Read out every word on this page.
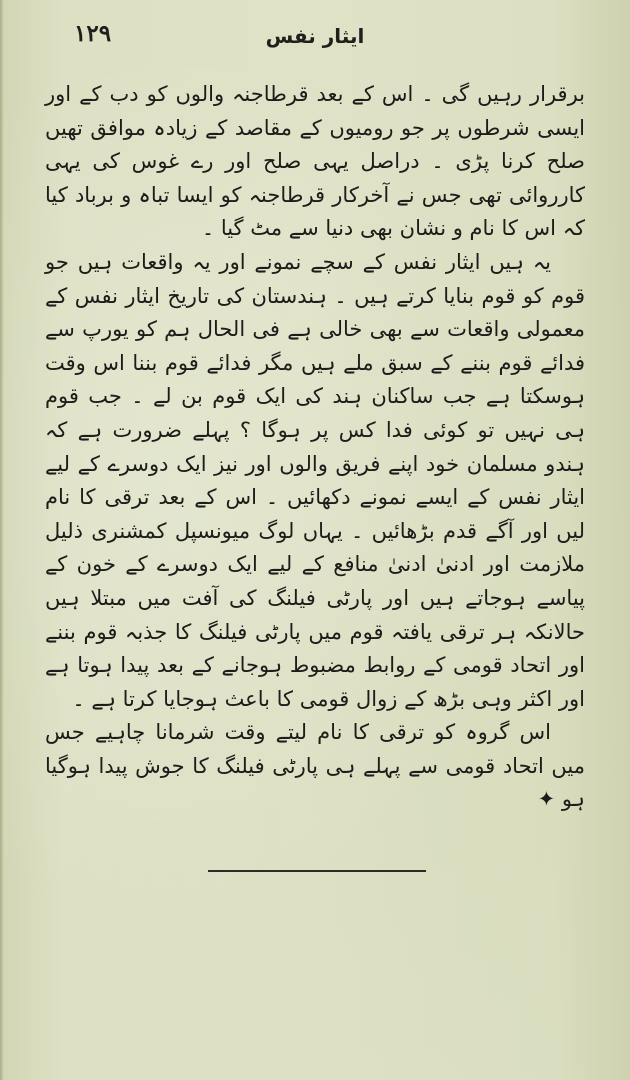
۱۲۹	ایثار نفس

برقرار رہیں گی ۔ اس کے بعد قرطاجنہ والوں کو دب کے اور ایسی شرطوں پر جو رومیوں کے مقاصد کے زیادہ موافق تھیں صلح کرنا پڑی ۔ دراصل یہی صلح اور رے غوس کی یہی کارروائی تھی جس نے آخرکار قرطاجنہ کو ایسا تباہ و برباد کیا کہ اس کا نام و نشان بھی دنیا سے مٹ گیا ۔

یہ ہیں ایثار نفس کے سچے نمونے اور یہ واقعات ہیں جو قوم کو قوم بنایا کرتے ہیں ۔ ہندستان کی تاریخ ایثار نفس کے معمولی واقعات سے بھی خالی ہے فی الحال ہم کو یورپ سے فدائے قوم بننے کے سبق ملے ہیں مگر فدائے قوم بننا اس وقت ہوسکتا ہے جب ساکنان ہند کی ایک قوم بن لے ۔ جب قوم ہی نہیں تو کوئی فدا کس پر ہوگا ؟ پہلے ضرورت ہے کہ ہندو مسلمان خود اپنے فریق والوں اور نیز ایک دوسرے کے لیے ایثار نفس کے ایسے نمونے دکھائیں ۔ اس کے بعد ترقی کا نام لیں اور آگے قدم بڑھائیں ۔ یہاں لوگ میونسپل کمشنری ذلیل ملازمت اور ادنیٰ ادنیٰ منافع کے لیے ایک دوسرے کے خون کے پیاسے ہوجاتے ہیں اور پارٹی فیلنگ کی آفت میں مبتلا ہیں حالانکہ ہر ترقی یافتہ قوم میں پارٹی فیلنگ کا جذبہ قوم بننے اور اتحاد قومی کے روابط مضبوط ہوجانے کے بعد پیدا ہوتا ہے اور اکثر وہی بڑھ کے زوال قومی کا باعث ہوجایا کرتا ہے ۔

اس گروہ کو ترقی کا نام لیتے وقت شرمانا چاہیے جس میں اتحاد قومی سے پہلے ہی پارٹی فیلنگ کا جوش پیدا ہوگیا ہو ✦
